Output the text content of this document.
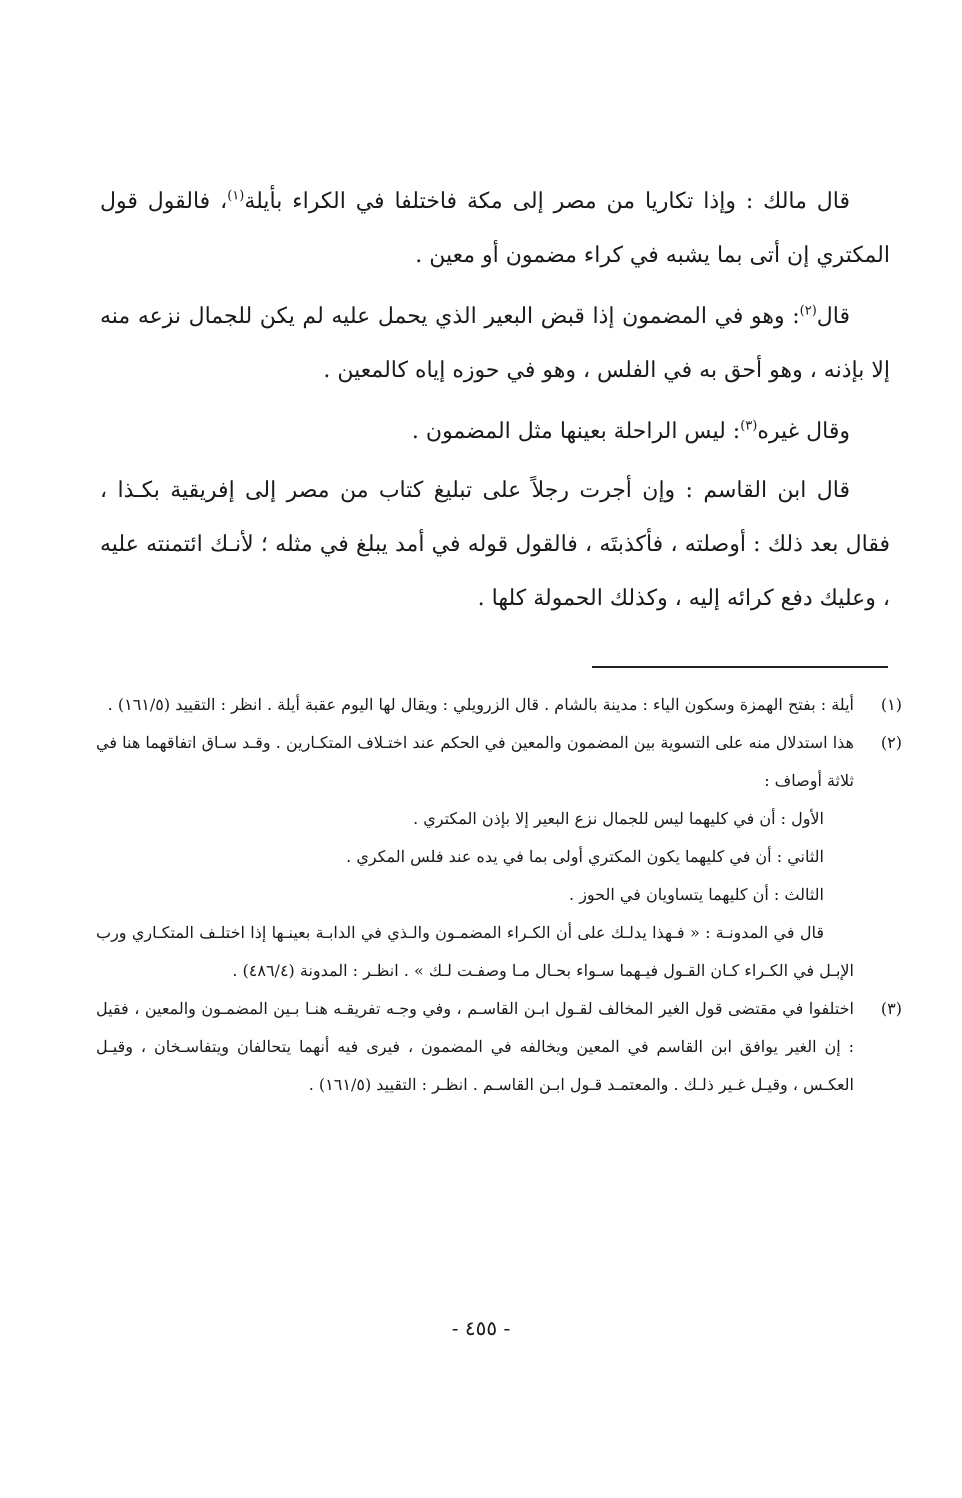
قال مالك : وإذا تكاريا من مصر إلى مكة فاختلفا في الكراء بأيلة$^{(١)}$، فالقول قول المكتري إن أتى بما يشبه في كراء مضمون أو معين .

قال$^{(٢)}$: وهو في المضمون إذا قبض البعير الذي يحمل عليه لم يكن للجمال نزعه منه إلا بإذنه ، وهو أحق به في الفلس ، وهو في حوزه إياه كالمعين .

وقال غيره$^{(٣)}$: ليس الراحلة بعينها مثل المضمون .

قال ابن القاسم : وإن أجرت رجلاً على تبليغ كتاب من مصر إلى إفريقية بكـذا ، فقال بعد ذلك : أوصلته ، فأكذبتَه ، فالقول قوله في أمد يبلغ في مثله ؛ لأنـك ائتمنته عليه ، وعليك دفع كرائه إليه ، وكذلك الحمولة كلها .

(١)

أيلة : بفتح الهمزة وسكون الياء : مدينة بالشام . قال الزرويلي : ويقال لها اليوم عقبة أيلة . انظر : التقييد (١٦١/٥) .

(٢)

هذا استدلال منه على التسوية بين المضمون والمعين في الحكم عند اختـلاف المتكـارين . وقـد سـاق اتفاقهما هنا في ثلاثة أوصاف :

الأول : أن في كليهما ليس للجمال نزع البعير إلا بإذن المكتري .

الثاني : أن في كليهما يكون المكتري أولى بما في يده عند فلس المكري .

الثالث : أن كليهما يتساويان في الحوز .

قال في المدونـة : « فـهذا يدلـك على أن الكـراء المضمـون والـذي في الدابـة بعينـها إذا اختلـف المتكـاري ورب الإبـل في الكـراء كـان القـول فيـهما سـواء بحـال مـا وصفـت لـك » . انظـر : المدونة (٤٨٦/٤) .

(٣)

اختلفوا في مقتضى قول الغير المخالف لقـول ابـن القاسـم ، وفي وجـه تفريقـه هنـا بـين المضمـون والمعين ، فقيل : إن الغير يوافق ابن القاسم في المعين ويخالفه في المضمون ، فيرى فيه أنهما يتحالفان ويتفاسـخان ، وقيـل العكـس ، وقيـل غـير ذلـك . والمعتمـد قـول ابـن القاسـم . انظـر : التقييد (١٦١/٥) .

- ٤٥٥ -
